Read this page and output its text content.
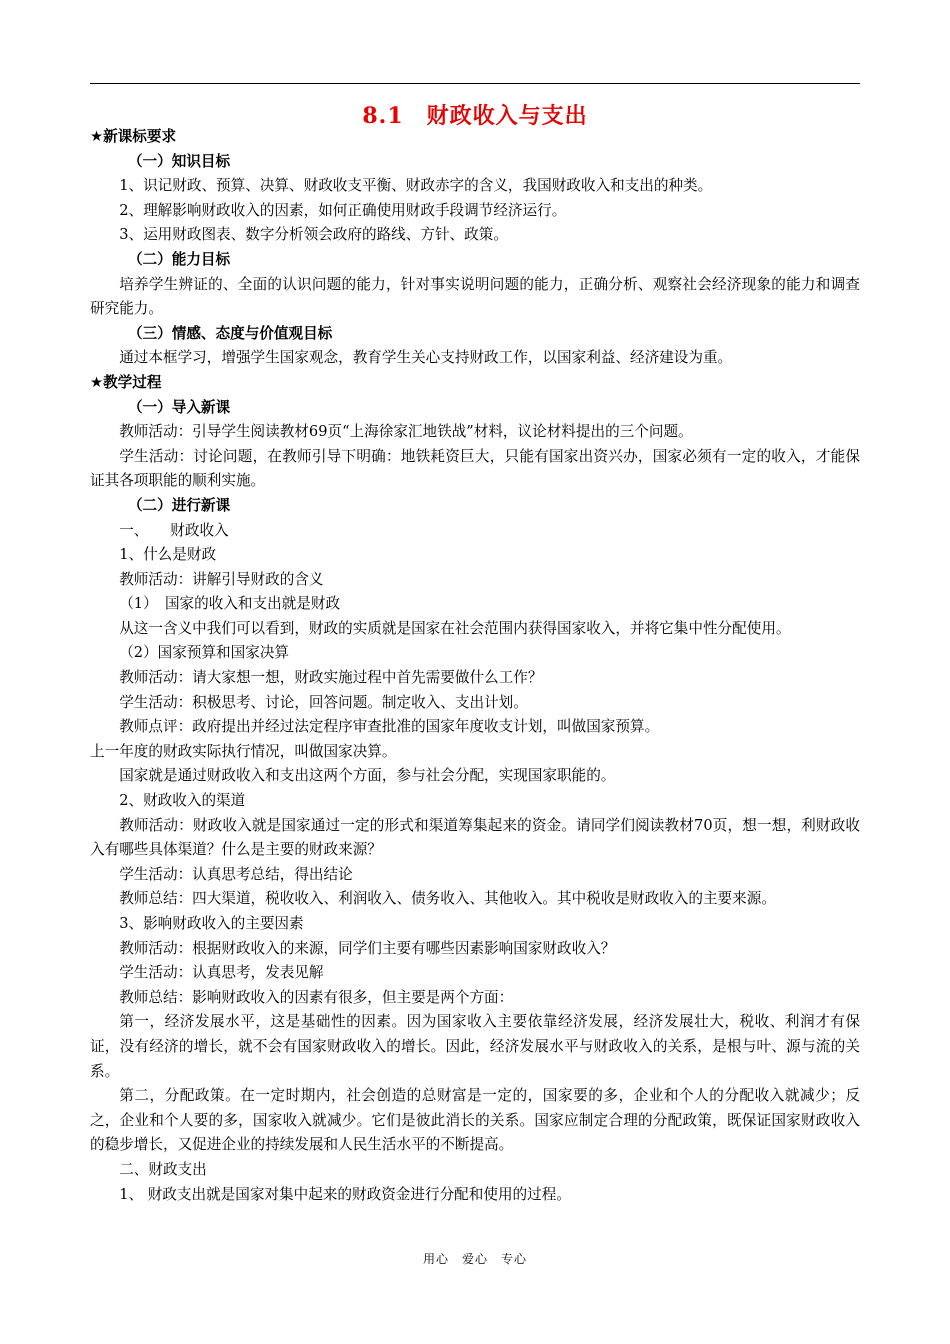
8.1　财政收入与支出

★新课标要求

（一）知识目标

1、识记财政、预算、决算、财政收支平衡、财政赤字的含义，我国财政收入和支出的种类。

2、理解影响财政收入的因素，如何正确使用财政手段调节经济运行。

3、运用财政图表、数字分析领会政府的路线、方针、政策。

（二）能力目标

培养学生辨证的、全面的认识问题的能力，针对事实说明问题的能力，正确分析、观察社会经济现象的能力和调查研究能力。

（三）情感、态度与价值观目标

通过本框学习，增强学生国家观念，教育学生关心支持财政工作，以国家利益、经济建设为重。

★教学过程

（一）导入新课

教师活动：引导学生阅读教材69页“上海徐家汇地铁战”材料，议论材料提出的三个问题。

学生活动：讨论问题，在教师引导下明确：地铁耗资巨大，只能有国家出资兴办，国家必须有一定的收入，才能保证其各项职能的顺利实施。

（二）进行新课

一、　　财政收入

1、什么是财政

教师活动：讲解引导财政的含义

（1）　国家的收入和支出就是财政

从这一含义中我们可以看到，财政的实质就是国家在社会范围内获得国家收入，并将它集中性分配使用。

（2）国家预算和国家决算

教师活动：请大家想一想，财政实施过程中首先需要做什么工作？

学生活动：积极思考、讨论，回答问题。制定收入、支出计划。

教师点评：政府提出并经过法定程序审查批准的国家年度收支计划，叫做国家预算。

上一年度的财政实际执行情况，叫做国家决算。

国家就是通过财政收入和支出这两个方面，参与社会分配，实现国家职能的。

2、财政收入的渠道

教师活动：财政收入就是国家通过一定的形式和渠道筹集起来的资金。请同学们阅读教材70页，想一想，利财政收入有哪些具体渠道？什么是主要的财政来源？

学生活动：认真思考总结，得出结论

教师总结：四大渠道，税收收入、利润收入、债务收入、其他收入。其中税收是财政收入的主要来源。

3、影响财政收入的主要因素

教师活动：根据财政收入的来源，同学们主要有哪些因素影响国家财政收入？

学生活动：认真思考，发表见解

教师总结：影响财政收入的因素有很多，但主要是两个方面：

第一，经济发展水平，这是基础性的因素。因为国家收入主要依靠经济发展，经济发展壮大，税收、利润才有保证，没有经济的增长，就不会有国家财政收入的增长。因此，经济发展水平与财政收入的关系，是根与叶、源与流的关系。

第二，分配政策。在一定时期内，社会创造的总财富是一定的，国家要的多，企业和个人的分配收入就减少；反之，企业和个人要的多，国家收入就减少。它们是彼此消长的关系。国家应制定合理的分配政策，既保证国家财政收入的稳步增长，又促进企业的持续发展和人民生活水平的不断提高。

二、财政支出

1、 财政支出就是国家对集中起来的财政资金进行分配和使用的过程。

用心　爱心　专心
